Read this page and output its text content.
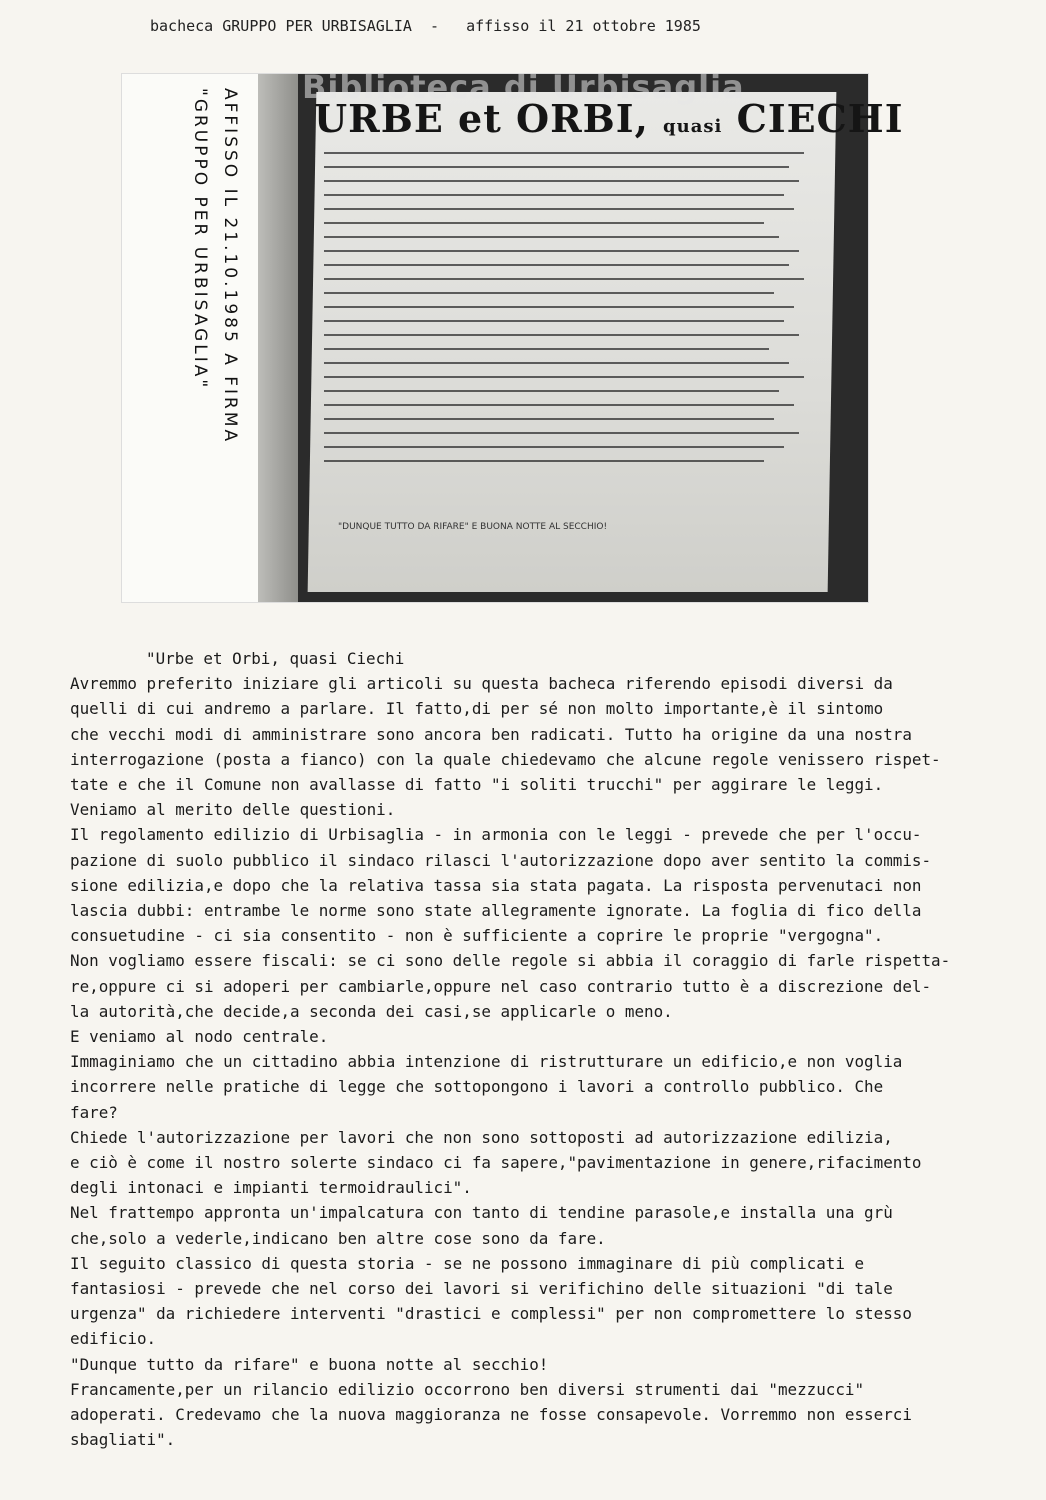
bacheca GRUPPO PER URBISAGLIA  -   affisso il 21 ottobre 1985
AFFISSO IL 21.10.1985 A FIRMA
"GRUPPO PER URBISAGLIA"	URBE et ORBI, quasi CIECHI
"DUNQUE TUTTO DA RIFARE" E BUONA NOTTE AL SECCHIO!
Biblioteca di Urbisaglia
"Urbe et Orbi, quasi Ciechi
Avremmo preferito iniziare gli articoli su questa bacheca riferendo episodi diversi da
quelli di cui andremo a parlare. Il fatto,di per sé non molto importante,è il sintomo
che vecchi modi di amministrare sono ancora ben radicati. Tutto ha origine da una nostra
interrogazione (posta a fianco) con la quale chiedevamo che alcune regole venissero rispet-
tate e che il Comune non avallasse di fatto "i soliti trucchi" per aggirare le leggi.
Veniamo al merito delle questioni.
Il regolamento edilizio di Urbisaglia - in armonia con le leggi - prevede che per l'occu-
pazione di suolo pubblico il sindaco rilasci l'autorizzazione dopo aver sentito la commis-
sione edilizia,e dopo che la relativa tassa sia stata pagata. La risposta pervenutaci non
lascia dubbi: entrambe le norme sono state allegramente ignorate. La foglia di fico della
consuetudine - ci sia consentito - non è sufficiente a coprire le proprie "vergogna".
Non vogliamo essere fiscali: se ci sono delle regole si abbia il coraggio di farle rispetta-
re,oppure ci si adoperi per cambiarle,oppure nel caso contrario tutto è a discrezione del-
la autorità,che decide,a seconda dei casi,se applicarle o meno.
E veniamo al nodo centrale.
Immaginiamo che un cittadino abbia intenzione di ristrutturare un edificio,e non voglia
incorrere nelle pratiche di legge che sottopongono i lavori a controllo pubblico. Che
fare?
Chiede l'autorizzazione per lavori che non sono sottoposti ad autorizzazione edilizia,
e ciò è come il nostro solerte sindaco ci fa sapere,"pavimentazione in genere,rifacimento
degli intonaci e impianti termoidraulici".
Nel frattempo appronta un'impalcatura con tanto di tendine parasole,e installa una grù
che,solo a vederle,indicano ben altre cose sono da fare.
Il seguito classico di questa storia - se ne possono immaginare di più complicati e
fantasiosi - prevede che nel corso dei lavori si verifichino delle situazioni "di tale
urgenza" da richiedere interventi "drastici e complessi" per non compromettere lo stesso
edificio.
"Dunque tutto da rifare" e buona notte al secchio!
Francamente,per un rilancio edilizio occorrono ben diversi strumenti dai "mezzucci"
adoperati. Credevamo che la nuova maggioranza ne fosse consapevole. Vorremmo non esserci
sbagliati".
